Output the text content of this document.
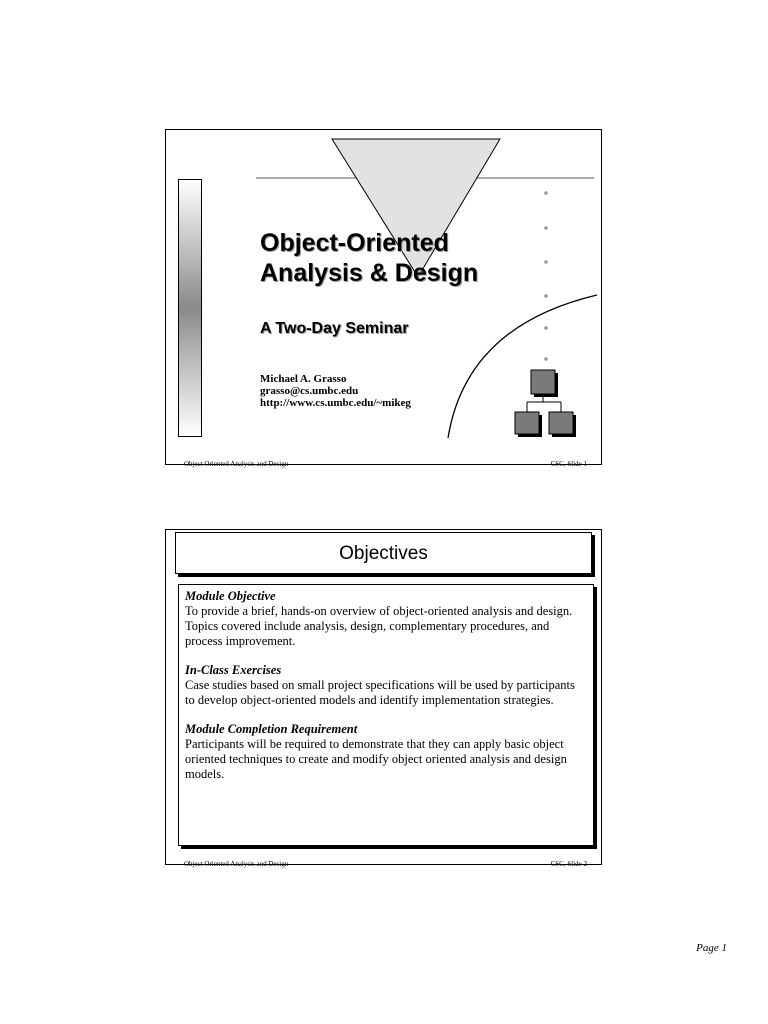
Object-Oriented
Analysis & Design
A Two-Day Seminar
Michael A. Grasso
grasso@cs.umbc.edu
http://www.cs.umbc.edu/~mikeg
Object Oriented Analysis and Design	CSC, Slide 1
Objectives
Module Objective
To provide a brief, hands-on overview of object-oriented analysis and design. Topics covered include analysis, design, complementary procedures, and process improvement.
In-Class Exercises
Case studies based on small project specifications will be used by participants to develop object-oriented models and identify implementation strategies.
Module Completion Requirement
Participants will be required to demonstrate that they can apply basic object oriented techniques to create and modify object oriented analysis and design models.
Object Oriented Analysis and Design	CSC, Slide 2
Page 1
